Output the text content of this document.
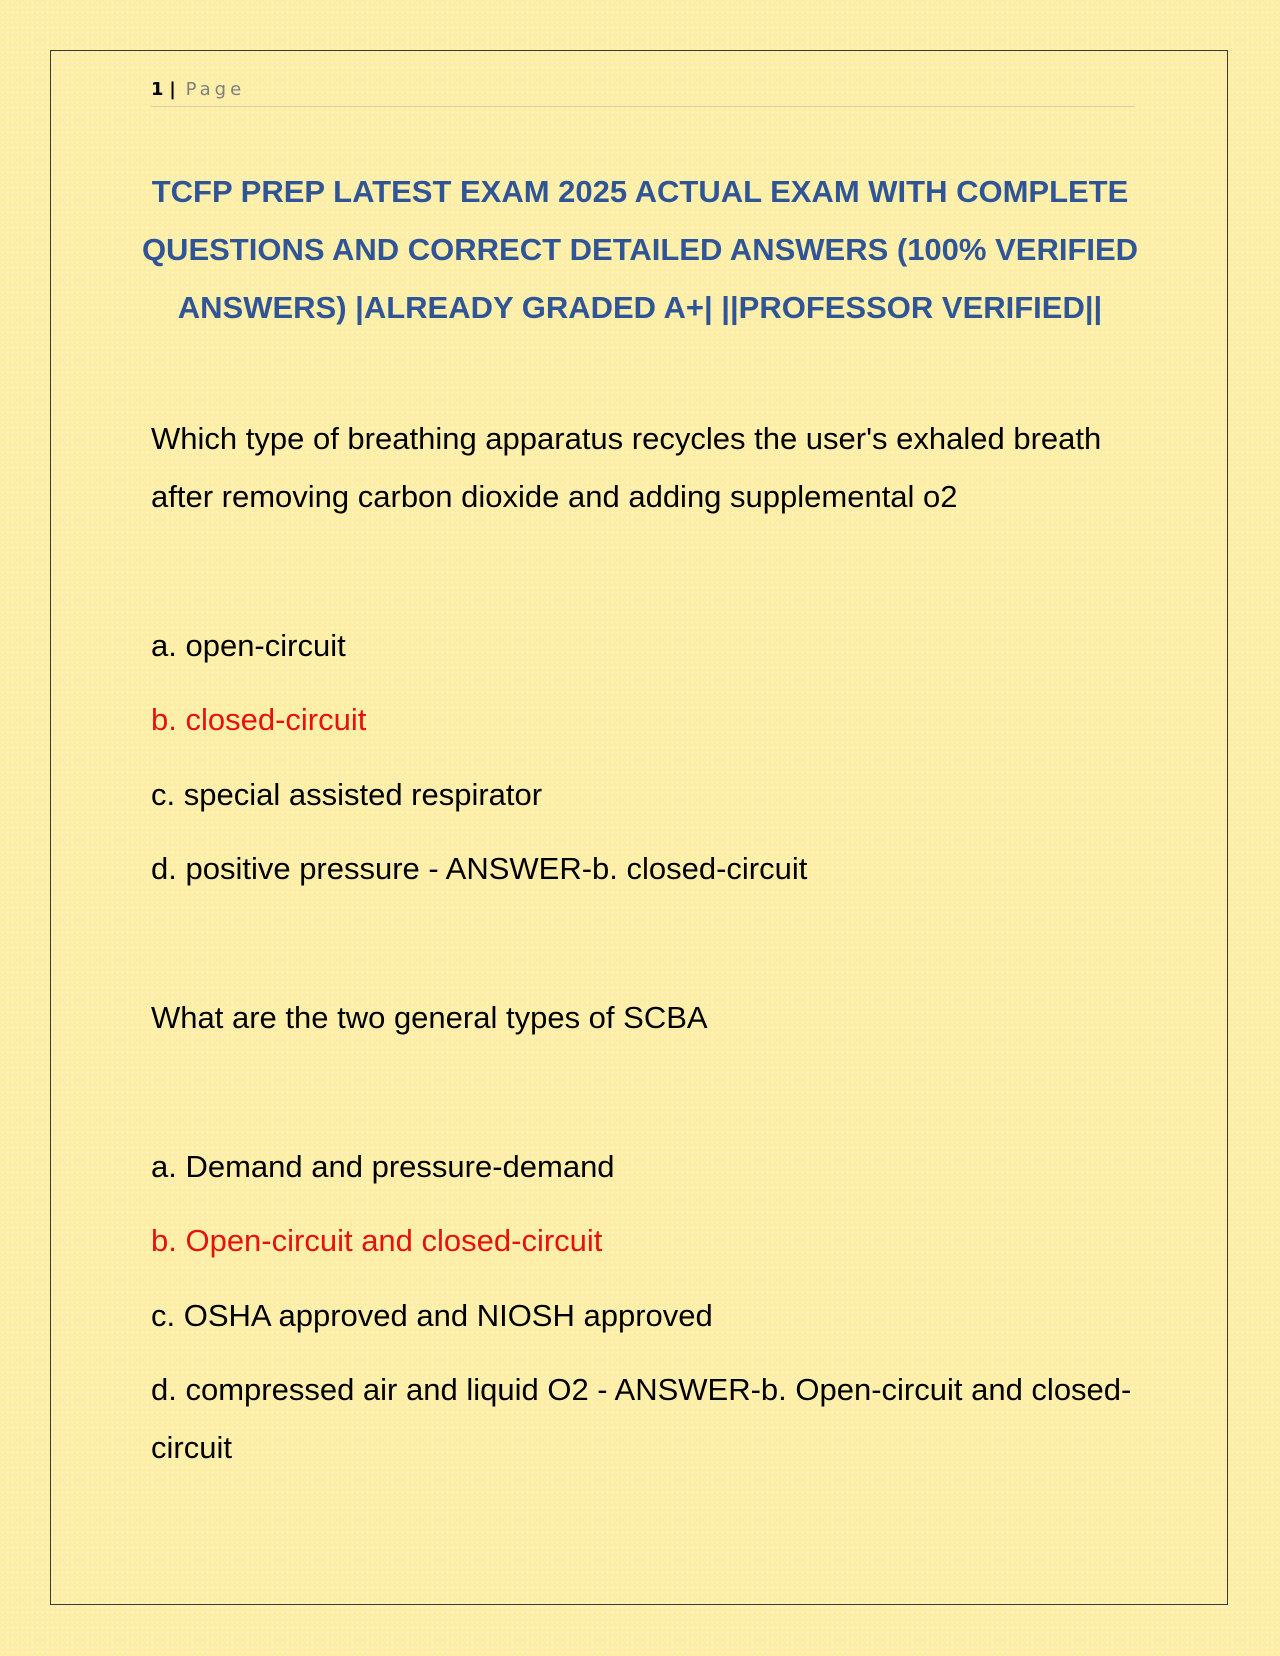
1 | Page
TCFP PREP LATEST EXAM 2025 ACTUAL EXAM WITH COMPLETE QUESTIONS AND CORRECT DETAILED ANSWERS (100% VERIFIED ANSWERS) |ALREADY GRADED A+| ||PROFESSOR VERIFIED||

Which type of breathing apparatus recycles the user's exhaled breath after removing carbon dioxide and adding supplemental o2

a. open-circuit

b. closed-circuit

c. special assisted respirator

d. positive pressure - ANSWER-b. closed-circuit

What are the two general types of SCBA

a. Demand and pressure-demand

b. Open-circuit and closed-circuit

c. OSHA approved and NIOSH approved

d. compressed air and liquid O2 - ANSWER-b. Open-circuit and closed-circuit
